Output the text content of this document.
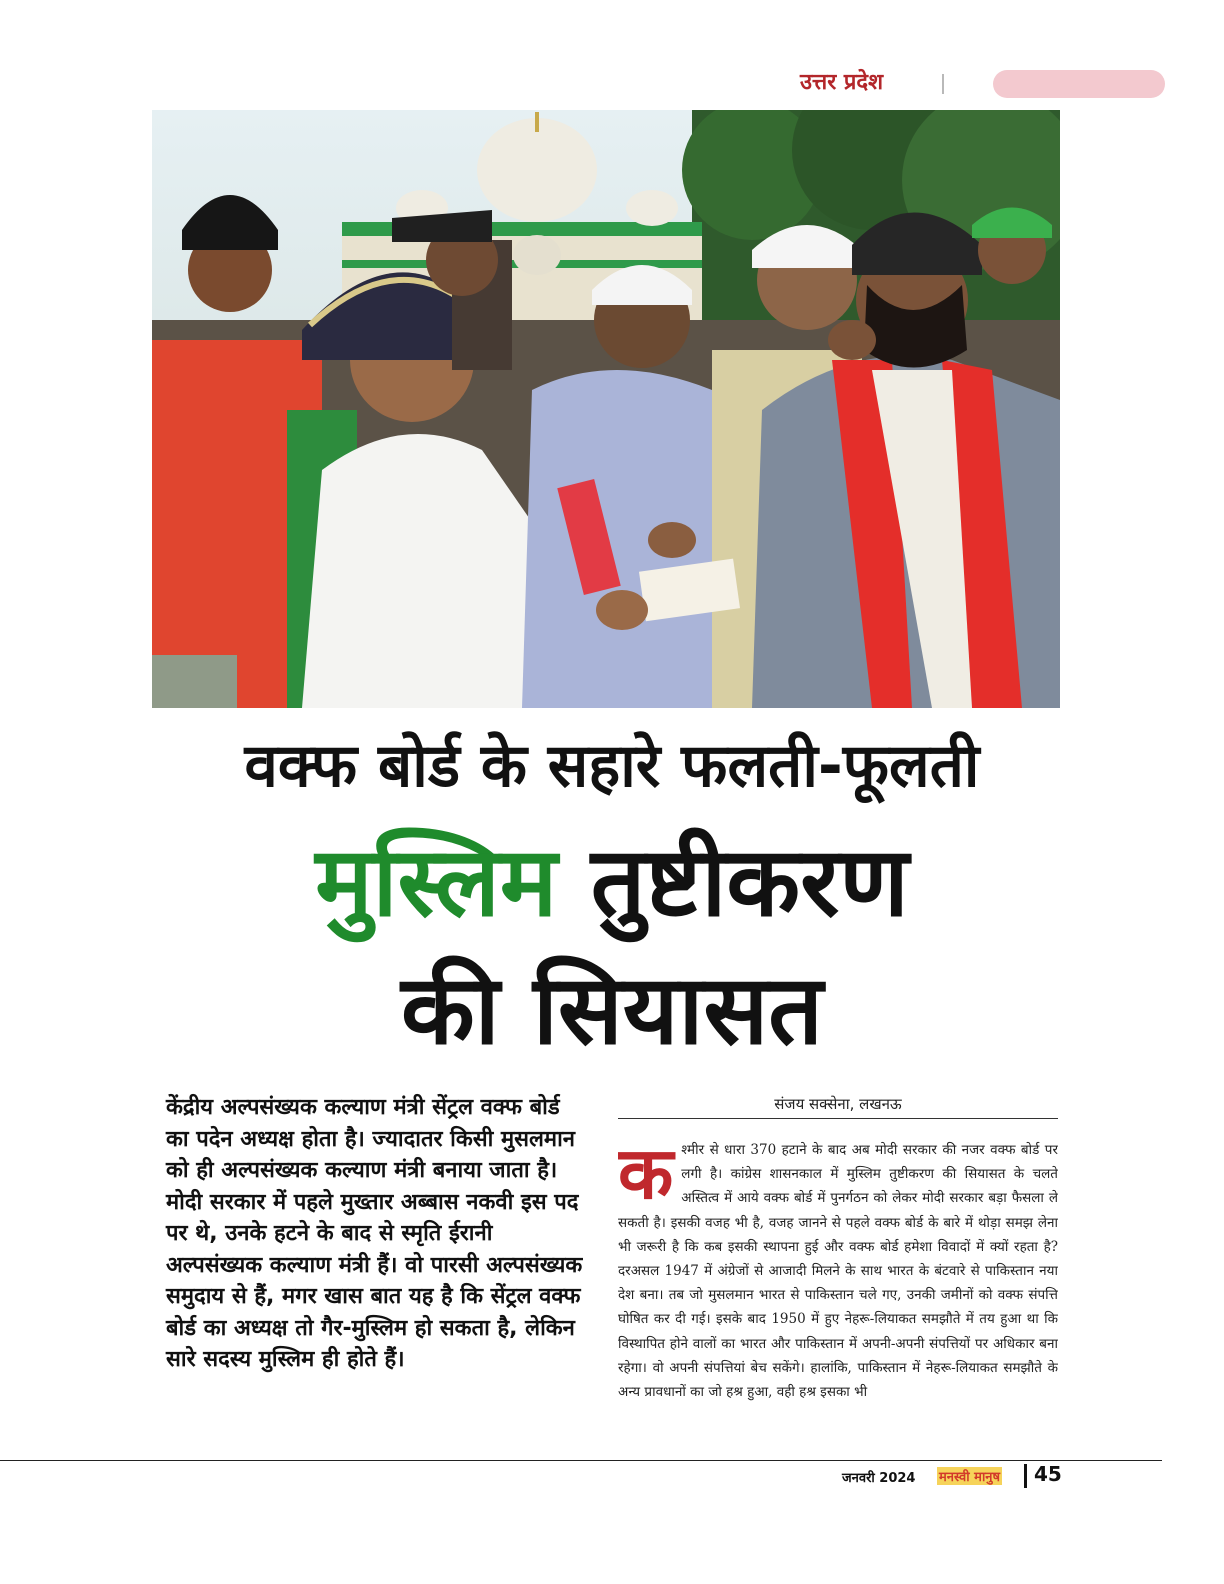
उत्तर प्रदेश
वक्फ बोर्ड के सहारे फलती-फूलती
मुस्लिम तुष्टीकरण
की सियासत
केंद्रीय अल्पसंख्यक कल्याण मंत्री सेंट्रल वक्फ बोर्ड का पदेन अध्यक्ष होता है। ज्यादातर किसी मुसलमान को ही अल्पसंख्यक कल्याण मंत्री बनाया जाता है। मोदी सरकार में पहले मुख्तार अब्बास नकवी इस पद पर थे, उनके हटने के बाद से स्मृति ईरानी अल्पसंख्यक कल्याण मंत्री हैं। वो पारसी अल्पसंख्यक समुदाय से हैं, मगर खास बात यह है कि सेंट्रल वक्फ बोर्ड का अध्यक्ष तो गैर-मुस्लिम हो सकता है, लेकिन सारे सदस्य मुस्लिम ही होते हैं।
संजय सक्सेना, लखनऊ
कश्मीर से धारा 370 हटाने के बाद अब मोदी सरकार की नजर वक्फ बोर्ड पर लगी है। कांग्रेस शासनकाल में मुस्लिम तुष्टीकरण की सियासत के चलते अस्तित्व में आये वक्फ बोर्ड में पुनर्गठन को लेकर मोदी सरकार बड़ा फैसला ले सकती है। इसकी वजह भी है, वजह जानने से पहले वक्फ बोर्ड के बारे में थोड़ा समझ लेना भी जरूरी है कि कब इसकी स्थापना हुई और वक्फ बोर्ड हमेशा विवादों में क्यों रहता है? दरअसल 1947 में अंग्रेजों से आजादी मिलने के साथ भारत के बंटवारे से पाकिस्तान नया देश बना। तब जो मुसलमान भारत से पाकिस्तान चले गए, उनकी जमीनों को वक्फ संपत्ति घोषित कर दी गई। इसके बाद 1950 में हुए नेहरू-लियाकत समझौते में तय हुआ था कि विस्थापित होने वालों का भारत और पाकिस्तान में अपनी-अपनी संपत्तियों पर अधिकार बना रहेगा। वो अपनी संपत्तियां बेच सकेंगे। हालांकि, पाकिस्तान में नेहरू-लियाकत समझौते के अन्य प्रावधानों का जो हश्र हुआ, वही हश्र इसका भी
जनवरी 2024 मनस्वी मानुष 45
